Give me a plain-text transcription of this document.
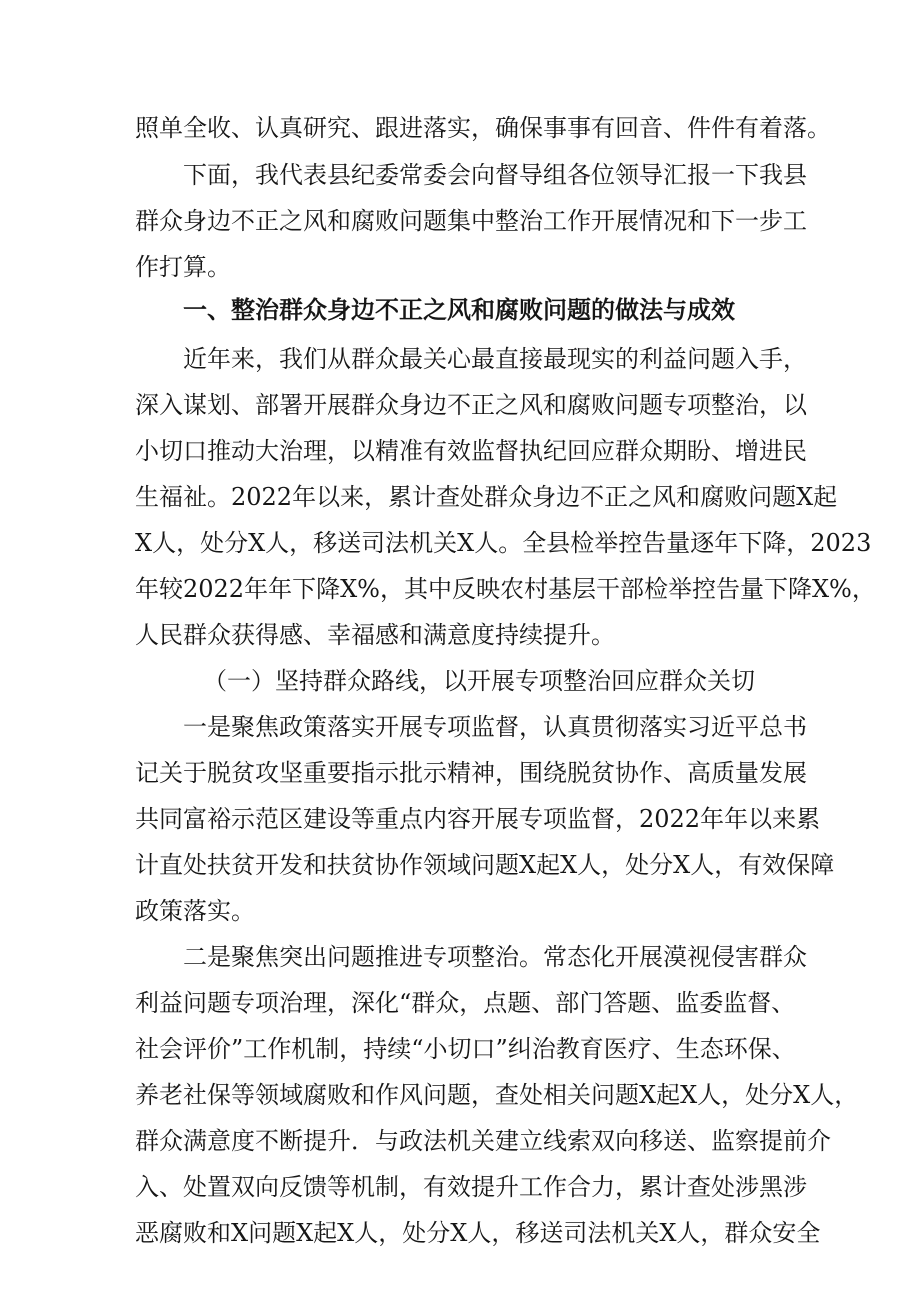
照单全收、认真研究、跟进落实，确保事事有回音、件件有着落。
下面，我代表县纪委常委会向督导组各位领导汇报一下我县
群众身边不正之风和腐败问题集中整治工作开展情况和下一步工
作打算。
一、整治群众身边不正之风和腐败问题的做法与成效
近年来，我们从群众最关心最直接最现实的利益问题入手，
深入谋划、部署开展群众身边不正之风和腐败问题专项整治，以
小切口推动大治理，以精准有效监督执纪回应群众期盼、增进民
生福祉。2022年以来，累计查处群众身边不正之风和腐败问题X起
X人，处分X人，移送司法机关X人。全县检举控告量逐年下降，2023
年较2022年年下降X%，其中反映农村基层干部检举控告量下降X%，
人民群众获得感、幸福感和满意度持续提升。
（一）坚持群众路线，以开展专项整治回应群众关切
一是聚焦政策落实开展专项监督，认真贯彻落实习近平总书
记关于脱贫攻坚重要指示批示精神，围绕脱贫协作、高质量发展
共同富裕示范区建设等重点内容开展专项监督，2022年年以来累
计直处扶贫开发和扶贫协作领域问题X起X人，处分X人，有效保障
政策落实。
二是聚焦突出问题推进专项整治。常态化开展漠视侵害群众
利益问题专项治理，深化“群众，点题、部门答题、监委监督、
社会评价”工作机制，持续“小切口”纠治教育医疗、生态环保、
养老社保等领域腐败和作风问题，查处相关问题X起X人，处分X人，
群众满意度不断提升．与政法机关建立线索双向移送、监察提前介
入、处置双向反馈等机制，有效提升工作合力，累计查处涉黑涉
恶腐败和X问题X起X人，处分X人，移送司法机关X人，群众安全
